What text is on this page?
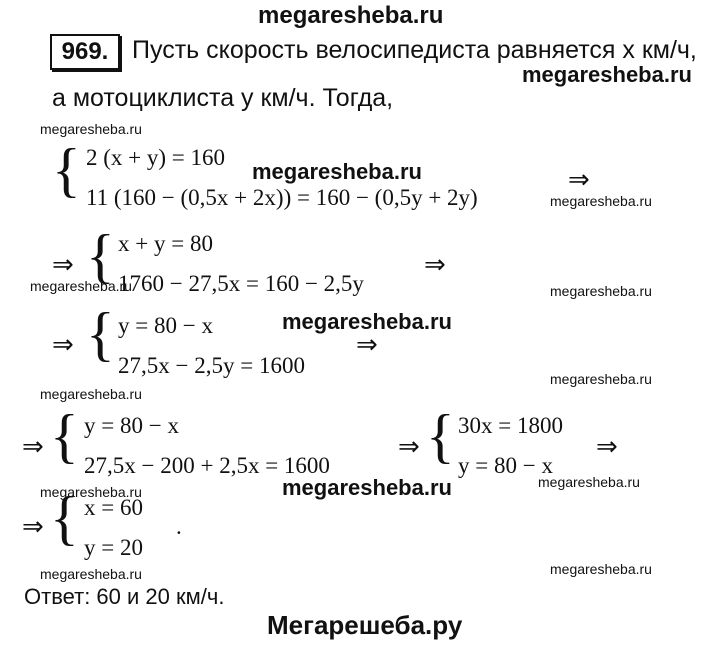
megaresheba.ru
969. Пусть скорость велосипедиста равняется x км/ч,
megaresheba.ru
а мотоциклиста y км/ч. Тогда,
megaresheba.ru
{ 2 (x + y) = 160
megaresheba.ru
11 (160 − (0,5x + 2x)) = 160 − (0,5y + 2y)
⇒
megaresheba.ru
⇒ { x + y = 80
1760 − 27,5x = 160 − 2,5y
megaresheba.ru
⇒
megaresheba.ru
⇒ { y = 80 − x	megaresheba.ru
27,5x − 2,5y = 1600
⇒
megaresheba.ru
megaresheba.ru
⇒ { y = 80 − x
27,5x − 200 + 2,5x = 1600
⇒ { 30x = 1800
y = 80 − x
⇒
megaresheba.ru
megaresheba.ru
megaresheba.ru
⇒ { x = 60
y = 20
.
megaresheba.ru	megaresheba.ru
Ответ: 60 и 20 км/ч.
Мегарешеба.ру
